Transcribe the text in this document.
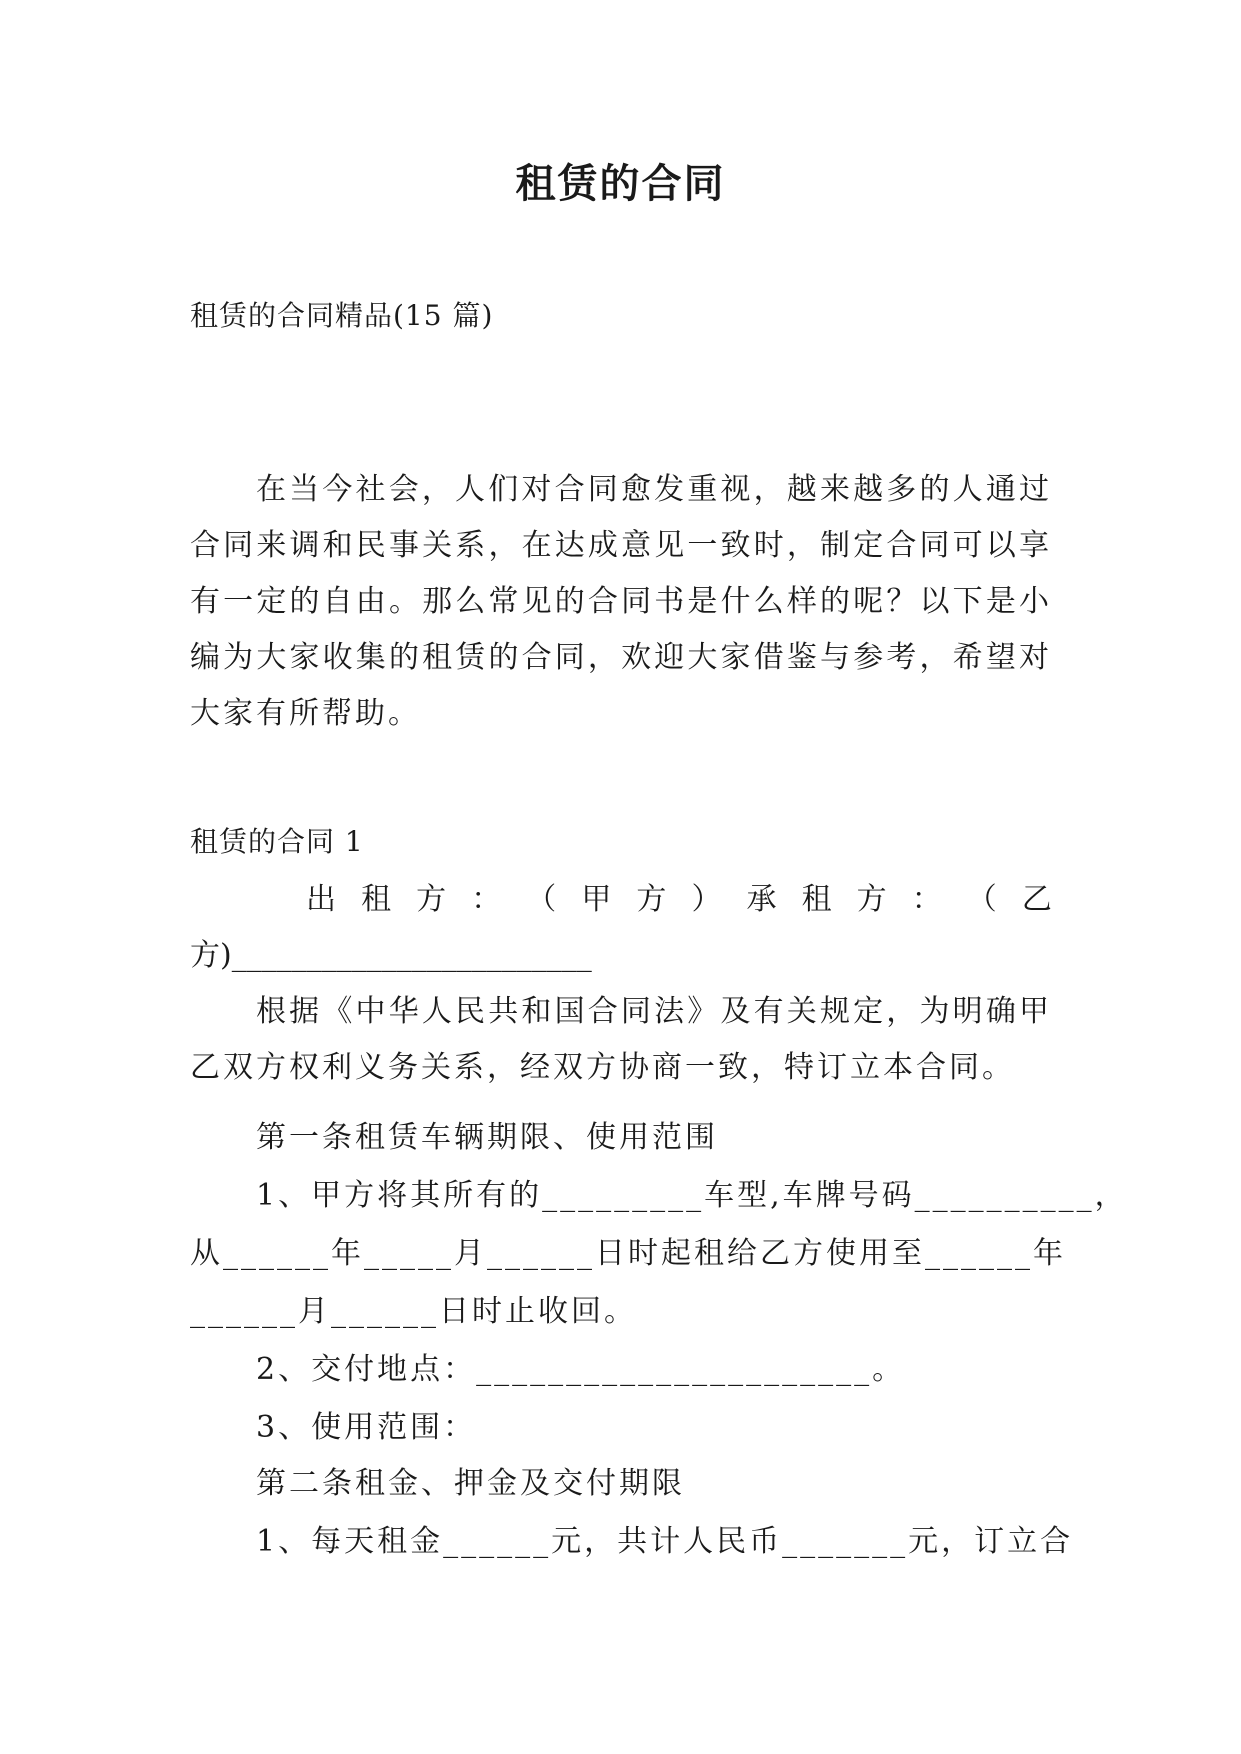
租赁的合同
租赁的合同精品(15 篇)
在当今社会，人们对合同愈发重视，越来越多的人通过合同来调和民事关系，在达成意见一致时，制定合同可以享有一定的自由。那么常见的合同书是什么样的呢？以下是小编为大家收集的租赁的合同，欢迎大家借鉴与参考，希望对大家有所帮助。
租赁的合同 1
出 租 方 ： （ 甲 方 ） 承 租 方 ： （ 乙
方)________________________
根据《中华人民共和国合同法》及有关规定，为明确甲乙双方权利义务关系，经双方协商一致，特订立本合同。
第一条租赁车辆期限、使用范围
1、甲方将其所有的_________车型,车牌号码__________，
从______年_____月______日时起租给乙方使用至______年
______月______日时止收回。
2、交付地点：______________________。
3、使用范围：
第二条租金、押金及交付期限
1、每天租金______元，共计人民币_______元，订立合
